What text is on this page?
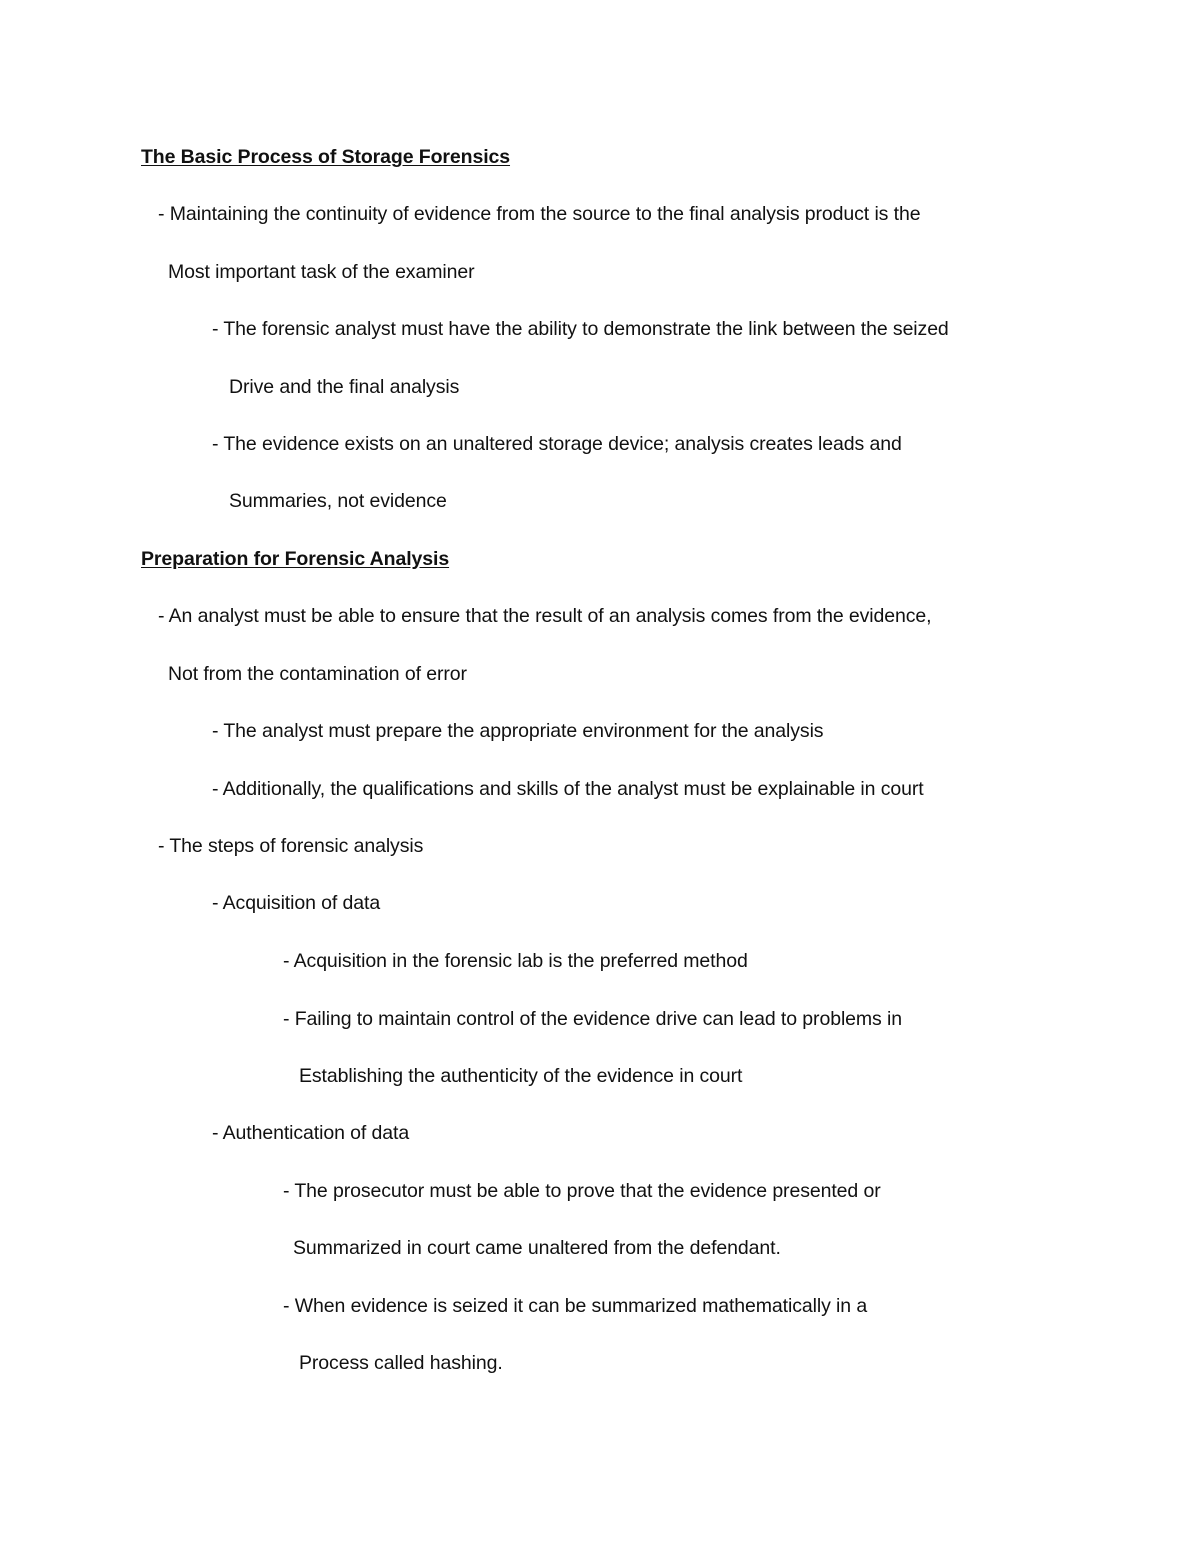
The Basic Process of Storage Forensics
- Maintaining the continuity of evidence from the source to the final analysis product is the
Most important task of the examiner
- The forensic analyst must have the ability to demonstrate the link between the seized
Drive and the final analysis
- The evidence exists on an unaltered storage device; analysis creates leads and
Summaries, not evidence
Preparation for Forensic Analysis
- An analyst must be able to ensure that the result of an analysis comes from the evidence,
Not from the contamination of error
- The analyst must prepare the appropriate environment for the analysis
- Additionally, the qualifications and skills of the analyst must be explainable in court
- The steps of forensic analysis
- Acquisition of data
- Acquisition in the forensic lab is the preferred method
- Failing to maintain control of the evidence drive can lead to problems in
Establishing the authenticity of the evidence in court
- Authentication of data
- The prosecutor must be able to prove that the evidence presented or
Summarized in court came unaltered from the defendant.
- When evidence is seized it can be summarized mathematically in a
Process called hashing.
